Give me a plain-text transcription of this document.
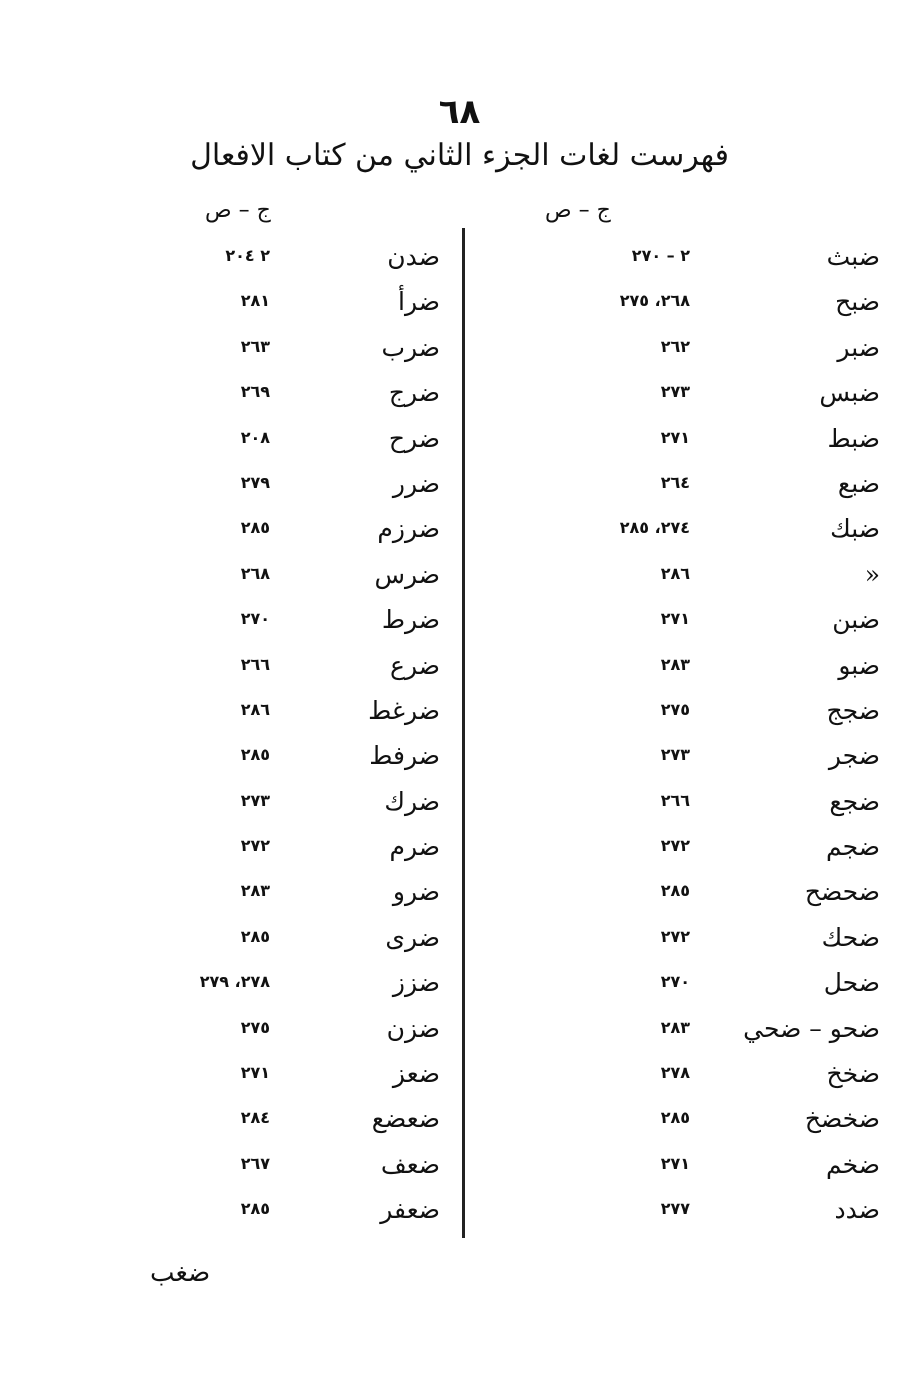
٦٨
فهرست لغات الجزء الثاني من كتاب الافعال
ج – ص
ج – ص
ضبث
٢ – ٢٧٠
ضبح
٢٦٨، ٢٧٥
ضبر
٢٦٢
ضبس
٢٧٣
ضبط
٢٧١
ضبع
٢٦٤
ضبك
٢٧٤، ٢٨٥
«
٢٨٦
ضبن
٢٧١
ضبو
٢٨٣
ضجج
٢٧٥
ضجر
٢٧٣
ضجع
٢٦٦
ضجم
٢٧٢
ضحضح
٢٨٥
ضحك
٢٧٢
ضحل
٢٧٠
ضحو – ضحي
٢٨٣
ضخخ
٢٧٨
ضخضخ
٢٨٥
ضخم
٢٧١
ضدد
٢٧٧
ضدن
٢ ٢٠٤
ضرأ
٢٨١
ضرب
٢٦٣
ضرج
٢٦٩
ضرح
٢٠٨
ضرر
٢٧٩
ضرزم
٢٨٥
ضرس
٢٦٨
ضرط
٢٧٠
ضرع
٢٦٦
ضرغط
٢٨٦
ضرفط
٢٨٥
ضرك
٢٧٣
ضرم
٢٧٢
ضرو
٢٨٣
ضرى
٢٨٥
ضزز
٢٧٨، ٢٧٩
ضزن
٢٧٥
ضعز
٢٧١
ضعضع
٢٨٤
ضعف
٢٦٧
ضعفر
٢٨٥
ضغب
